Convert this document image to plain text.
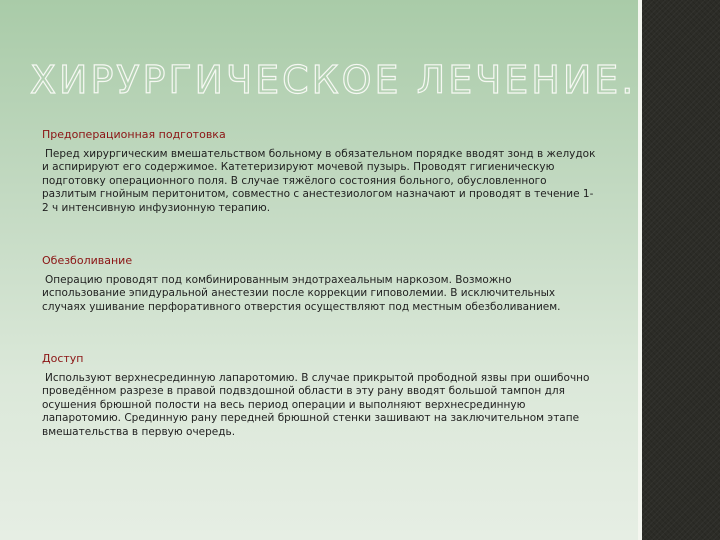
ХИРУРГИЧЕСКОЕ ЛЕЧЕНИЕ.

Предоперационная подготовка

Перед хирургическим вмешательством больному в обязательном порядке вводят зонд в желудок и аспирируют его содержимое. Катетеризируют мочевой пузырь. Проводят гигиеническую подготовку операционного поля. В случае тяжёлого состояния больного, обусловленного разлитым гнойным перитонитом, совместно с анестезиологом назначают и проводят в течение 1-2 ч интенсивную инфузионную терапию.

Обезболивание

Операцию проводят под комбинированным эндотрахеальным наркозом. Возможно использование эпидуральной анестезии после коррекции гиповолемии. В исключительных случаях ушивание перфоративного отверстия осуществляют под местным обезболиванием.

Доступ

Используют верхнесрединную лапаротомию. В случае прикрытой прободной язвы при ошибочно проведённом разрезе в правой подвздошной области в эту рану вводят большой тампон для осушения брюшной полости на весь период операции и выполняют верхнесрединную лапаротомию. Срединную рану передней брюшной стенки зашивают на заключительном этапе вмешательства в первую очередь.
